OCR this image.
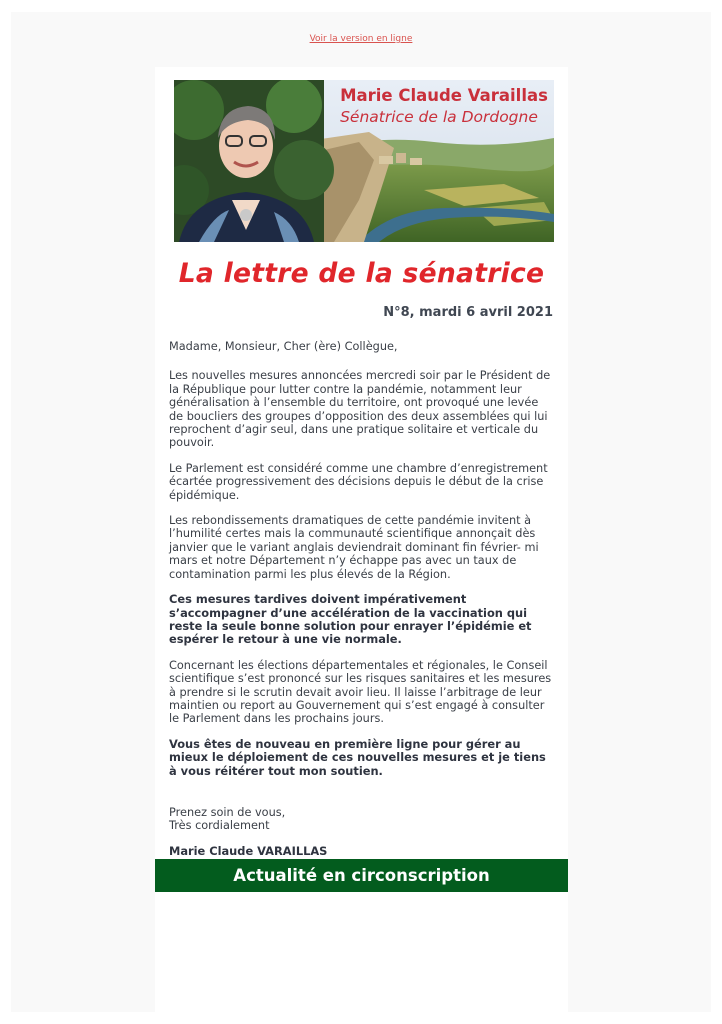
Voir la version en ligne
Marie Claude Varaillas
Sénatrice de la Dordogne
La lettre de la sénatrice
N°8, mardi 6 avril 2021

Madame, Monsieur, Cher (ère) Collègue,

Les nouvelles mesures annoncées mercredi soir par le Président de la République pour lutter contre la pandémie, notamment leur généralisation à l’ensemble du territoire, ont provoqué une levée de boucliers des groupes d’opposition des deux assemblées qui lui reprochent d’agir seul, dans une pratique solitaire et verticale du pouvoir.

Le Parlement est considéré comme une chambre d’enregistrement écartée progressivement des décisions depuis le début de la crise épidémique.

Les rebondissements dramatiques de cette pandémie invitent à l’humilité certes mais la communauté scientifique annonçait dès janvier que le variant anglais deviendrait dominant fin février- mi mars et notre Département n’y échappe pas avec un taux de contamination parmi les plus élevés de la Région.

Ces mesures tardives doivent impérativement s’accompagner d’une accélération de la vaccination qui reste la seule bonne solution pour enrayer l’épidémie et espérer le retour à une vie normale.

Concernant les élections départementales et régionales, le Conseil scientifique s’est prononcé sur les risques sanitaires et les mesures à prendre si le scrutin devait avoir lieu. Il laisse l’arbitrage de leur maintien ou report au Gouvernement qui s’est engagé à consulter le Parlement dans les prochains jours.

Vous êtes de nouveau en première ligne pour gérer au mieux le déploiement de ces nouvelles mesures et je tiens à vous réitérer tout mon soutien.

Prenez soin de vous,

Très cordialement

Marie Claude VARAILLAS

Actualité en circonscription
